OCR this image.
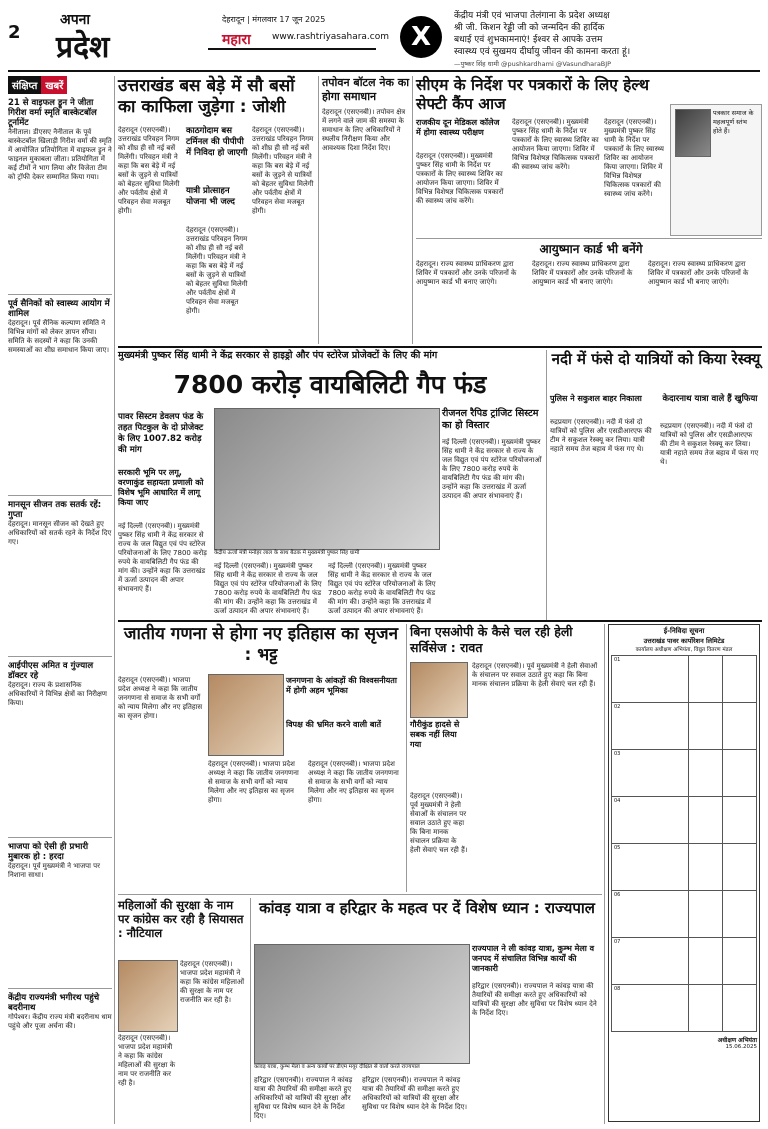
2
अपना
प्रदेश
देहरादून | मंगलवार 17 जून 2025
महारा www.rashtriyasahara.com X
केंद्रीय मंत्री एवं भाजपा तेलंगाना के प्रदेश अध्यक्ष
श्री जी. किशन रेड्डी जी को जन्मदिन की हार्दिक
बधाई एवं शुभकामनाएं! ईश्वर से आपके उत्तम
स्वास्थ्य एवं सुखमय दीर्घायु जीवन की कामना करता हूं।
—पुष्कर सिंह धामी @pushkardhami @VasundharaBJP
संक्षिप्त खबरें
21 से वाइफल ड्रून ने जीता गिरीश वर्मा स्मृति बास्केटबॉल टूर्नामेंट
नैनीताल। डीएसए नैनीताल के पूर्व बास्केटबॉल खिलाड़ी गिरीश वर्मा की स्मृति में आयोजित प्रतियोगिता में वाइफल ड्रून ने फाइनल मुकाबला जीता। प्रतियोगिता में कई टीमों ने भाग लिया और विजेता टीम को ट्रॉफी देकर सम्मानित किया गया।
पूर्व सैनिकों को स्वास्थ्य आयोग में शामिल
देहरादून। पूर्व सैनिक कल्याण समिति ने विभिन्न मांगों को लेकर ज्ञापन सौंपा। समिति के सदस्यों ने कहा कि उनकी समस्याओं का शीघ्र समाधान किया जाए।
मानसून सीजन तक सतर्क रहें: गुप्ता
देहरादून। मानसून सीजन को देखते हुए अधिकारियों को सतर्क रहने के निर्देश दिए गए।
आईपीएस अमित व गुंज्याल डॉक्टर रहे
देहरादून। राज्य के प्रशासनिक अधिकारियों ने विभिन्न क्षेत्रों का निरीक्षण किया।
भाजपा को ऐसी ही प्रभारी मुबारक हो : हरदा
देहरादून। पूर्व मुख्यमंत्री ने भाजपा पर निशाना साधा।
केंद्रीय राज्यमंत्री भगीरथ पहुंचे बदरीनाथ
गोपेश्वर। केंद्रीय राज्य मंत्री बदरीनाथ धाम पहुंचे और पूजा अर्चना की।
उत्तराखंड बस बेड़े में सौ बसों का काफिला जुड़ेगा : जोशी
देहरादून (एसएनबी)। उत्तराखंड परिवहन निगम को शीघ्र ही सौ नई बसें मिलेंगी। परिवहन मंत्री ने कहा कि बस बेड़े में नई बसों के जुड़ने से यात्रियों को बेहतर सुविधा मिलेगी और पर्वतीय क्षेत्रों में परिवहन सेवा मजबूत होगी।
काठगोदाम बस टर्मिनल की पीपीपी में निविदा हो जाएगी
यात्री प्रोत्साहन योजना भी जल्द
देहरादून (एसएनबी)। उत्तराखंड परिवहन निगम को शीघ्र ही सौ नई बसें मिलेंगी। परिवहन मंत्री ने कहा कि बस बेड़े में नई बसों के जुड़ने से यात्रियों को बेहतर सुविधा मिलेगी और पर्वतीय क्षेत्रों में परिवहन सेवा मजबूत होगी।
देहरादून (एसएनबी)। उत्तराखंड परिवहन निगम को शीघ्र ही सौ नई बसें मिलेंगी। परिवहन मंत्री ने कहा कि बस बेड़े में नई बसों के जुड़ने से यात्रियों को बेहतर सुविधा मिलेगी और पर्वतीय क्षेत्रों में परिवहन सेवा मजबूत होगी।
तपोवन बॉटल नेक का होगा समाधान
देहरादून (एसएनबी)। तपोवन क्षेत्र में लगने वाले जाम की समस्या के समाधान के लिए अधिकारियों ने स्थलीय निरीक्षण किया और आवश्यक दिशा निर्देश दिए।
सीएम के निर्देश पर पत्रकारों के लिए हेल्थ सेफ्टी कैंप आज
राजकीय दून मेडिकल कॉलेज में होगा स्वास्थ्य परीक्षण
देहरादून (एसएनबी)। मुख्यमंत्री पुष्कर सिंह धामी के निर्देश पर पत्रकारों के लिए स्वास्थ्य शिविर का आयोजन किया जाएगा। शिविर में विभिन्न विशेषज्ञ चिकित्सक पत्रकारों की स्वास्थ्य जांच करेंगे।
देहरादून (एसएनबी)। मुख्यमंत्री पुष्कर सिंह धामी के निर्देश पर पत्रकारों के लिए स्वास्थ्य शिविर का आयोजन किया जाएगा। शिविर में विभिन्न विशेषज्ञ चिकित्सक पत्रकारों की स्वास्थ्य जांच करेंगे।
देहरादून (एसएनबी)। मुख्यमंत्री पुष्कर सिंह धामी के निर्देश पर पत्रकारों के लिए स्वास्थ्य शिविर का आयोजन किया जाएगा। शिविर में विभिन्न विशेषज्ञ चिकित्सक पत्रकारों की स्वास्थ्य जांच करेंगे।
पत्रकार समाज के महत्वपूर्ण स्तंभ होते हैं।
आयुष्मान कार्ड भी बनेंगे
देहरादून। राज्य स्वास्थ्य प्राधिकरण द्वारा शिविर में पत्रकारों और उनके परिजनों के आयुष्मान कार्ड भी बनाए जाएंगे।
देहरादून। राज्य स्वास्थ्य प्राधिकरण द्वारा शिविर में पत्रकारों और उनके परिजनों के आयुष्मान कार्ड भी बनाए जाएंगे।
देहरादून। राज्य स्वास्थ्य प्राधिकरण द्वारा शिविर में पत्रकारों और उनके परिजनों के आयुष्मान कार्ड भी बनाए जाएंगे।
मुख्यमंत्री पुष्कर सिंह धामी ने केंद्र सरकार से हाइड्रो और पंप स्टोरेज प्रोजेक्टों के लिए की मांग
7800 करोड़ वायबिलिटी गैप फंड
पावर सिस्टम डेवलप फंड के तहत पिटकुल के दो प्रोजेक्ट के लिए 1007.82 करोड़ की मांग
सरकारी भूमि पर लगू, वरणाकुंड सहायता प्रणाली को विशेष भूमि आधारित में लागू किया जाए
नई दिल्ली (एसएनबी)। मुख्यमंत्री पुष्कर सिंह धामी ने केंद्र सरकार से राज्य के जल विद्युत एवं पंप स्टोरेज परियोजनाओं के लिए 7800 करोड़ रुपये के वायबिलिटी गैप फंड की मांग की। उन्होंने कहा कि उत्तराखंड में ऊर्जा उत्पादन की अपार संभावनाएं हैं।
केंद्रीय ऊर्जा मंत्री मनोहर लाल के साथ बैठक में मुख्यमंत्री पुष्कर सिंह धामी
रीजनल रैपिड ट्रांजिट सिस्टम का हो विस्तार
नई दिल्ली (एसएनबी)। मुख्यमंत्री पुष्कर सिंह धामी ने केंद्र सरकार से राज्य के जल विद्युत एवं पंप स्टोरेज परियोजनाओं के लिए 7800 करोड़ रुपये के वायबिलिटी गैप फंड की मांग की। उन्होंने कहा कि उत्तराखंड में ऊर्जा उत्पादन की अपार संभावनाएं हैं।
नई दिल्ली (एसएनबी)। मुख्यमंत्री पुष्कर सिंह धामी ने केंद्र सरकार से राज्य के जल विद्युत एवं पंप स्टोरेज परियोजनाओं के लिए 7800 करोड़ रुपये के वायबिलिटी गैप फंड की मांग की। उन्होंने कहा कि उत्तराखंड में ऊर्जा उत्पादन की अपार संभावनाएं हैं।
नई दिल्ली (एसएनबी)। मुख्यमंत्री पुष्कर सिंह धामी ने केंद्र सरकार से राज्य के जल विद्युत एवं पंप स्टोरेज परियोजनाओं के लिए 7800 करोड़ रुपये के वायबिलिटी गैप फंड की मांग की। उन्होंने कहा कि उत्तराखंड में ऊर्जा उत्पादन की अपार संभावनाएं हैं।
नदी में फंसे दो यात्रियों को किया रेस्क्यू
पुलिस ने सकुशल बाहर निकाला
रुद्रप्रयाग (एसएनबी)। नदी में फंसे दो यात्रियों को पुलिस और एसडीआरएफ की टीम ने सकुशल रेस्क्यू कर लिया। यात्री नहाते समय तेज बहाव में फंस गए थे।
केदारनाथ यात्रा वाले हैं खुफिया
रुद्रप्रयाग (एसएनबी)। नदी में फंसे दो यात्रियों को पुलिस और एसडीआरएफ की टीम ने सकुशल रेस्क्यू कर लिया। यात्री नहाते समय तेज बहाव में फंस गए थे।
जातीय गणना से होगा नए इतिहास का सृजन : भट्ट
देहरादून (एसएनबी)। भाजपा प्रदेश अध्यक्ष ने कहा कि जातीय जनगणना से समाज के सभी वर्गों को न्याय मिलेगा और नए इतिहास का सृजन होगा।
जनगणना के आंकड़ों की विश्वसनीयता में होगी अहम भूमिका
विपक्ष की भ्रमित करने वाली बातें
देहरादून (एसएनबी)। भाजपा प्रदेश अध्यक्ष ने कहा कि जातीय जनगणना से समाज के सभी वर्गों को न्याय मिलेगा और नए इतिहास का सृजन होगा।
देहरादून (एसएनबी)। भाजपा प्रदेश अध्यक्ष ने कहा कि जातीय जनगणना से समाज के सभी वर्गों को न्याय मिलेगा और नए इतिहास का सृजन होगा।
बिना एसओपी के कैसे चल रही हेली सर्विसेज : रावत
गौरीकुंड हादसे से सबक नहीं लिया गया
देहरादून (एसएनबी)। पूर्व मुख्यमंत्री ने हेली सेवाओं के संचालन पर सवाल उठाते हुए कहा कि बिना मानक संचालन प्रक्रिया के हेली सेवाएं चल रही हैं।
देहरादून (एसएनबी)। पूर्व मुख्यमंत्री ने हेली सेवाओं के संचालन पर सवाल उठाते हुए कहा कि बिना मानक संचालन प्रक्रिया के हेली सेवाएं चल रही हैं।
ई-निविदा सूचना
उत्तराखंड पावर कार्पोरेशन लिमिटेड
कार्यालय अधीक्षण अभियंता, विद्युत वितरण मंडल
01		
02		
03		
04		
05		
06		
07		
08		
अधीक्षण अभियंता
15.06.2025
महिलाओं की सुरक्षा के नाम पर कांग्रेस कर रही है सियासत : नौटियाल
देहरादून (एसएनबी)। भाजपा प्रदेश महामंत्री ने कहा कि कांग्रेस महिलाओं की सुरक्षा के नाम पर राजनीति कर रही है।
देहरादून (एसएनबी)। भाजपा प्रदेश महामंत्री ने कहा कि कांग्रेस महिलाओं की सुरक्षा के नाम पर राजनीति कर रही है।
कांवड़ यात्रा व हरिद्वार के महत्व पर दें विशेष ध्यान : राज्यपाल
कांवड़ यात्रा, कुम्भ मेला व अन्य कार्यों पर डीएम मयूर दीक्षित से वार्ता करते राज्यपाल
राज्यपाल ने ली कांवड़ यात्रा, कुम्भ मेला व जनपद में संचालित विभिन्न कार्यों की जानकारी
हरिद्वार (एसएनबी)। राज्यपाल ने कांवड़ यात्रा की तैयारियों की समीक्षा करते हुए अधिकारियों को यात्रियों की सुरक्षा और सुविधा पर विशेष ध्यान देने के निर्देश दिए।
हरिद्वार (एसएनबी)। राज्यपाल ने कांवड़ यात्रा की तैयारियों की समीक्षा करते हुए अधिकारियों को यात्रियों की सुरक्षा और सुविधा पर विशेष ध्यान देने के निर्देश दिए।
हरिद्वार (एसएनबी)। राज्यपाल ने कांवड़ यात्रा की तैयारियों की समीक्षा करते हुए अधिकारियों को यात्रियों की सुरक्षा और सुविधा पर विशेष ध्यान देने के निर्देश दिए।
